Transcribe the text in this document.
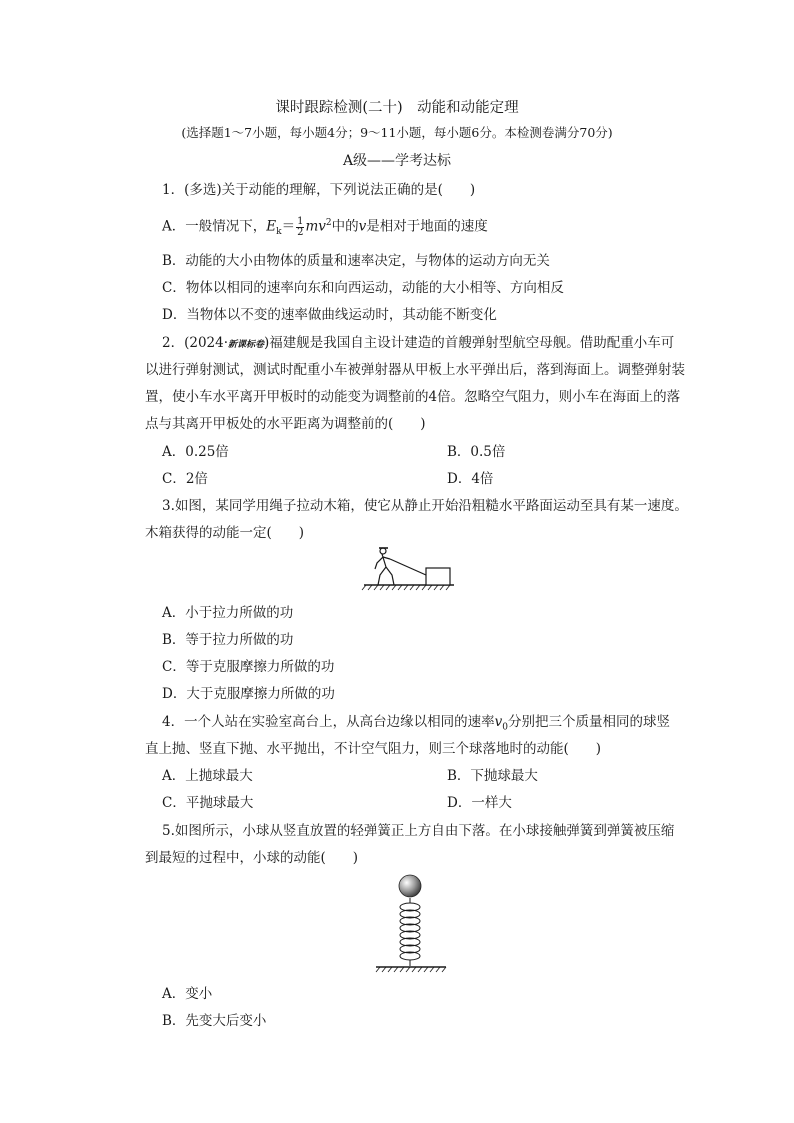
课时跟踪检测(二十)　动能和动能定理
(选择题1～7小题，每小题4分；9～11小题，每小题6分。本检测卷满分70分)
A级——学考达标
1．(多选)关于动能的理解，下列说法正确的是(　　)
A．一般情况下，$E_k= \frac{1}{2} mv^2$中的v是相对于地面的速度
B．动能的大小由物体的质量和速率决定，与物体的运动方向无关
C．物体以相同的速率向东和向西运动，动能的大小相等、方向相反
D．当物体以不变的速率做曲线运动时，其动能不断变化
2．(2024·新课标卷)福建舰是我国自主设计建造的首艘弹射型航空母舰。借助配重小车可
以进行弹射测试，测试时配重小车被弹射器从甲板上水平弹出后，落到海面上。调整弹射装
置，使小车水平离开甲板时的动能变为调整前的4倍。忽略空气阻力，则小车在海面上的落
点与其离开甲板处的水平距离为调整前的(　　)
A．0.25倍	B．0.5倍
C．2倍	D．4倍
3.如图，某同学用绳子拉动木箱，使它从静止开始沿粗糙水平路面运动至具有某一速度。
木箱获得的动能一定(　　)
A．小于拉力所做的功
B．等于拉力所做的功
C．等于克服摩擦力所做的功
D．大于克服摩擦力所做的功
4．一个人站在实验室高台上，从高台边缘以相同的速率$v_0$分别把三个质量相同的球竖
直上抛、竖直下抛、水平抛出，不计空气阻力，则三个球落地时的动能(　　)
A．上抛球最大	B．下抛球最大
C．平抛球最大	D．一样大
5.如图所示，小球从竖直放置的轻弹簧正上方自由下落。在小球接触弹簧到弹簧被压缩
到最短的过程中，小球的动能(　　)
A．变小
B．先变大后变小
